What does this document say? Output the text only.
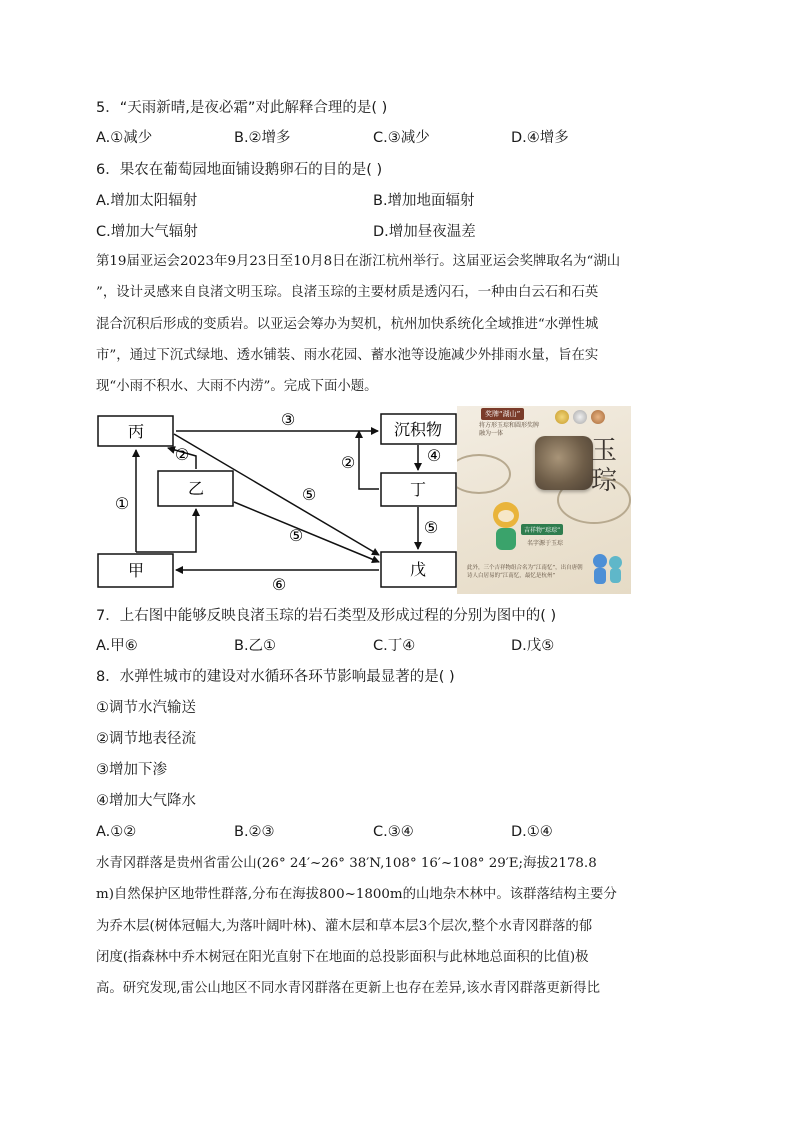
5．“天雨新晴,是夜必霜”对此解释合理的是( )
A.①减少	B.②增多	C.③减少	D.④增多
6．果农在葡萄园地面铺设鹅卵石的目的是( )
A.增加太阳辐射	B.增加地面辐射
C.增加大气辐射	D.增加昼夜温差
第19届亚运会2023年9月23日至10月8日在浙江杭州举行。这届亚运会奖牌取名为“湖山
”，设计灵感来自良渚文明玉琮。良渚玉琮的主要材质是透闪石，一种由白云石和石英
混合沉积后形成的变质岩。以亚运会筹办为契机，杭州加快系统化全域推进“水弹性城
市”，通过下沉式绿地、透水铺装、雨水花园、蓄水池等设施减少外排雨水量，旨在实
现“小雨不积水、大雨不内涝”。完成下面小题。
丙	沉积物
乙	丁
甲	戊
③
①
②	②	④
⑤
⑤	⑤
⑥
奖牌“湖山”
将方形玉琮和圆形奖牌融为一体
玉琮
吉祥物“琮琮”
名字源于玉琮
此外，三个吉祥物组合名为“江南忆”，出自唐朝诗人白居易的“江南忆，最忆是杭州”
7．上右图中能够反映良渚玉琮的岩石类型及形成过程的分别为图中的( )
A.甲⑥	B.乙①	C.丁④	D.戊⑤
8．水弹性城市的建设对水循环各环节影响最显著的是( )
①调节水汽输送
②调节地表径流
③增加下渗
④增加大气降水
A.①②	B.②③	C.③④	D.①④
水青冈群落是贵州省雷公山(26° 24′~26° 38′N,108° 16′~108° 29′E;海拔2178.8
m)自然保护区地带性群落,分布在海拔800~1800m的山地杂木林中。该群落结构主要分
为乔木层(树体冠幅大,为落叶阔叶林)、灌木层和草本层3个层次,整个水青冈群落的郁
闭度(指森林中乔木树冠在阳光直射下在地面的总投影面积与此林地总面积的比值)极
高。研究发现,雷公山地区不同水青冈群落在更新上也存在差异,该水青冈群落更新得比
